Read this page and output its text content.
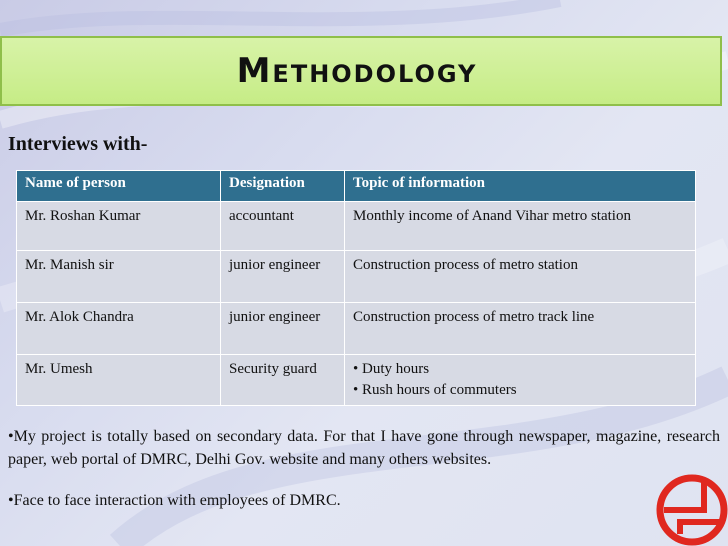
Methodology
Interviews with-
Name of person	Designation	Topic of information
Mr. Roshan Kumar	accountant	Monthly income of Anand Vihar metro station
Mr. Manish sir	junior engineer	Construction process of metro station
Mr. Alok Chandra	junior engineer	Construction process of metro track line
Mr. Umesh	Security guard	• Duty hours
• Rush hours of commuters
•My project is totally based on secondary data. For that I have gone through newspaper, magazine, research paper, web portal of DMRC, Delhi Gov. website and many others websites.
•Face to face interaction with employees of DMRC.
